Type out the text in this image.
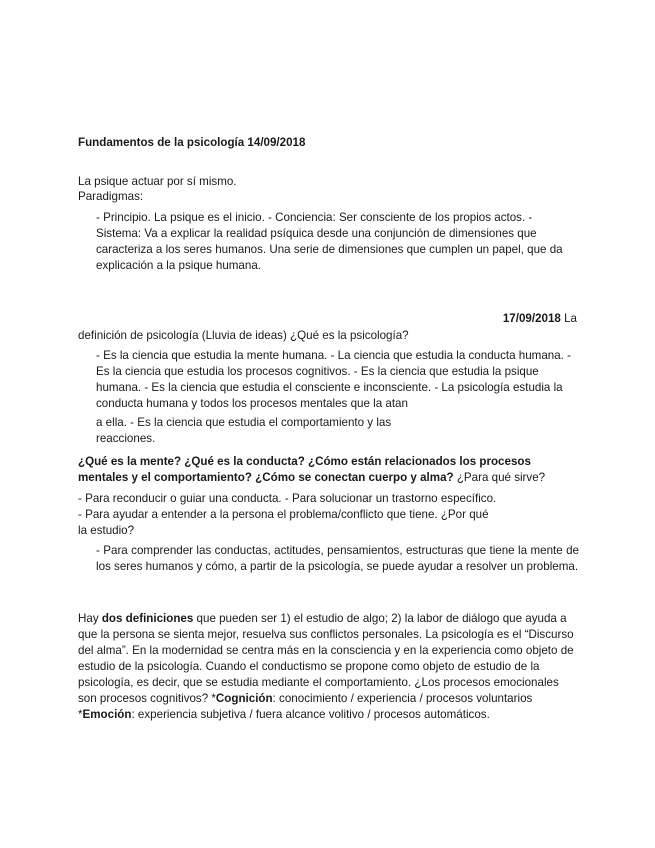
Fundamentos de la psicología 14/09/2018
La psique actuar por sí mismo.
Paradigmas:

- Principio. La psique es el inicio. - Conciencia: Ser consciente de los propios actos. - Sistema: Va a explicar la realidad psíquica desde una conjunción de dimensiones que caracteriza a los seres humanos. Una serie de dimensiones que cumplen un papel, que da explicación a la psique humana.

17/09/2018 La
definición de psicología (Lluvia de ideas) ¿Qué es la psicología?

- Es la ciencia que estudia la mente humana. - La ciencia que estudia la conducta humana. - Es la ciencia que estudia los procesos cognitivos. - Es la ciencia que estudia la psique humana. - Es la ciencia que estudia el consciente e inconsciente. - La psicología estudia la conducta humana y todos los procesos mentales que la atan

a ella. - Es la ciencia que estudia el comportamiento y las reacciones.

¿Qué es la mente? ¿Qué es la conducta? ¿Cómo están relacionados los procesos mentales y el comportamiento? ¿Cómo se conectan cuerpo y alma? ¿Para qué sirve?

- Para reconducir o guiar una conducta. - Para solucionar un trastorno específico. - Para ayudar a entender a la persona el problema/conflicto que tiene. ¿Por qué la estudio?

- Para comprender las conductas, actitudes, pensamientos, estructuras que tiene la mente de los seres humanos y cómo, a partir de la psicología, se puede ayudar a resolver un problema.

Hay dos definiciones que pueden ser 1) el estudio de algo; 2) la labor de diálogo que ayuda a que la persona se sienta mejor, resuelva sus conflictos personales. La psicología es el “Discurso del alma”. En la modernidad se centra más en la consciencia y en la experiencia como objeto de estudio de la psicología. Cuando el conductismo se propone como objeto de estudio de la psicología, es decir, que se estudia mediante el comportamiento. ¿Los procesos emocionales son procesos cognitivos? *Cognición: conocimiento / experiencia / procesos voluntarios *Emoción: experiencia subjetiva / fuera alcance volitivo / procesos automáticos.
